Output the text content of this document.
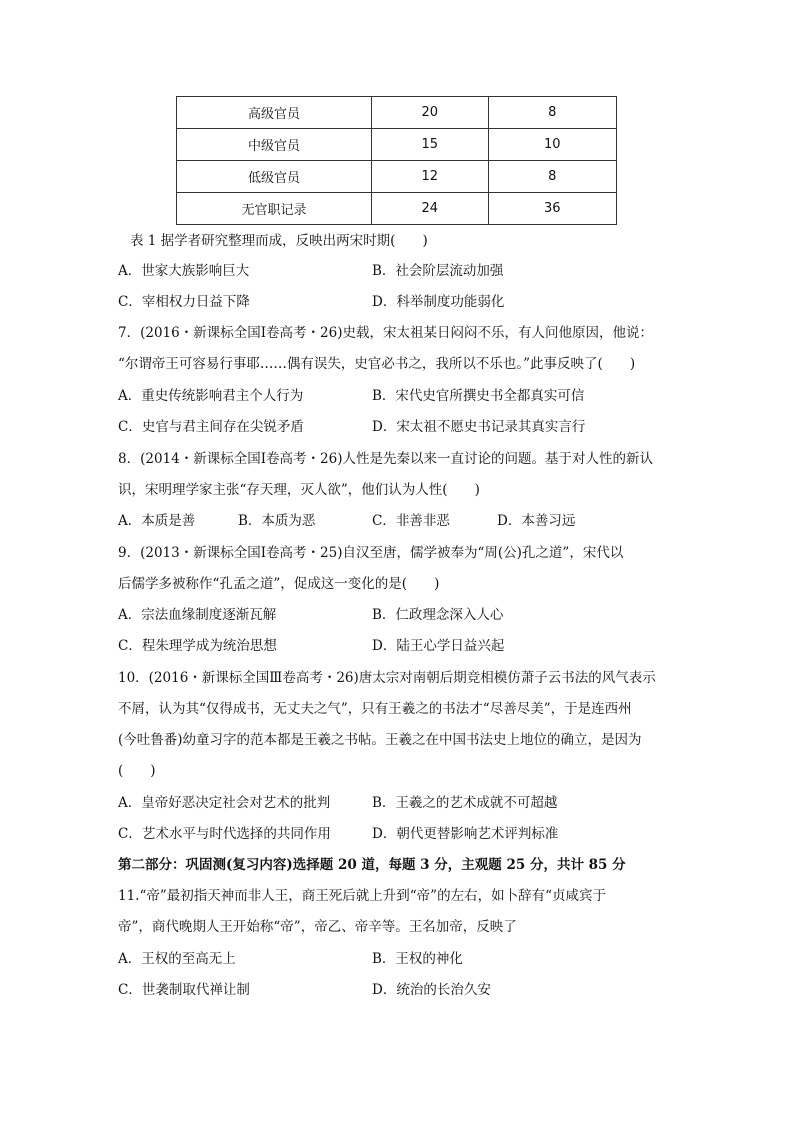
高级官员	20	8
中级官员	15	10
低级官员	12	8
无官职记录	24	36
表 1 据学者研究整理而成，反映出两宋时期(　　)
A．世家大族影响巨大	B．社会阶层流动加强
C．宰相权力日益下降	D．科举制度功能弱化
7．(2016・新课标全国Ⅰ卷高考・26)史载，宋太祖某日闷闷不乐，有人问他原因，他说：
“尔谓帝王可容易行事耶……偶有误失，史官必书之，我所以不乐也。”此事反映了(　　)
A．重史传统影响君主个人行为	B．宋代史官所撰史书全都真实可信
C．史官与君主间存在尖锐矛盾	D．宋太祖不愿史书记录其真实言行
8．(2014・新课标全国Ⅰ卷高考・26)人性是先秦以来一直讨论的问题。基于对人性的新认
识，宋明理学家主张“存天理，灭人欲”，他们认为人性(　　)
A．本质是善	B．本质为恶	C．非善非恶	D．本善习远
9．(2013・新课标全国Ⅰ卷高考・25)自汉至唐，儒学被奉为“周(公)孔之道”，宋代以
后儒学多被称作“孔孟之道”，促成这一变化的是(　　)
A．宗法血缘制度逐渐瓦解	B．仁政理念深入人心
C．程朱理学成为统治思想	D．陆王心学日益兴起
10．(2016・新课标全国Ⅲ卷高考・26)唐太宗对南朝后期竞相模仿萧子云书法的风气表示
不屑，认为其“仅得成书，无丈夫之气”，只有王羲之的书法才“尽善尽美”，于是连西州
(今吐鲁番)幼童习字的范本都是王羲之书帖。王羲之在中国书法史上地位的确立，是因为
(　　)
A．皇帝好恶决定社会对艺术的批判	B．王羲之的艺术成就不可超越
C．艺术水平与时代选择的共同作用	D．朝代更替影响艺术评判标准
第二部分：巩固测(复习内容)选择题 20 道，每题 3 分，主观题 25 分，共计 85 分
11.“帝”最初指天神而非人王，商王死后就上升到“帝”的左右，如卜辞有“贞咸宾于
帝”，商代晚期人王开始称“帝”，帝乙、帝辛等。王名加帝，反映了
A．王权的至高无上	B．王权的神化
C．世袭制取代禅让制	D．统治的长治久安
